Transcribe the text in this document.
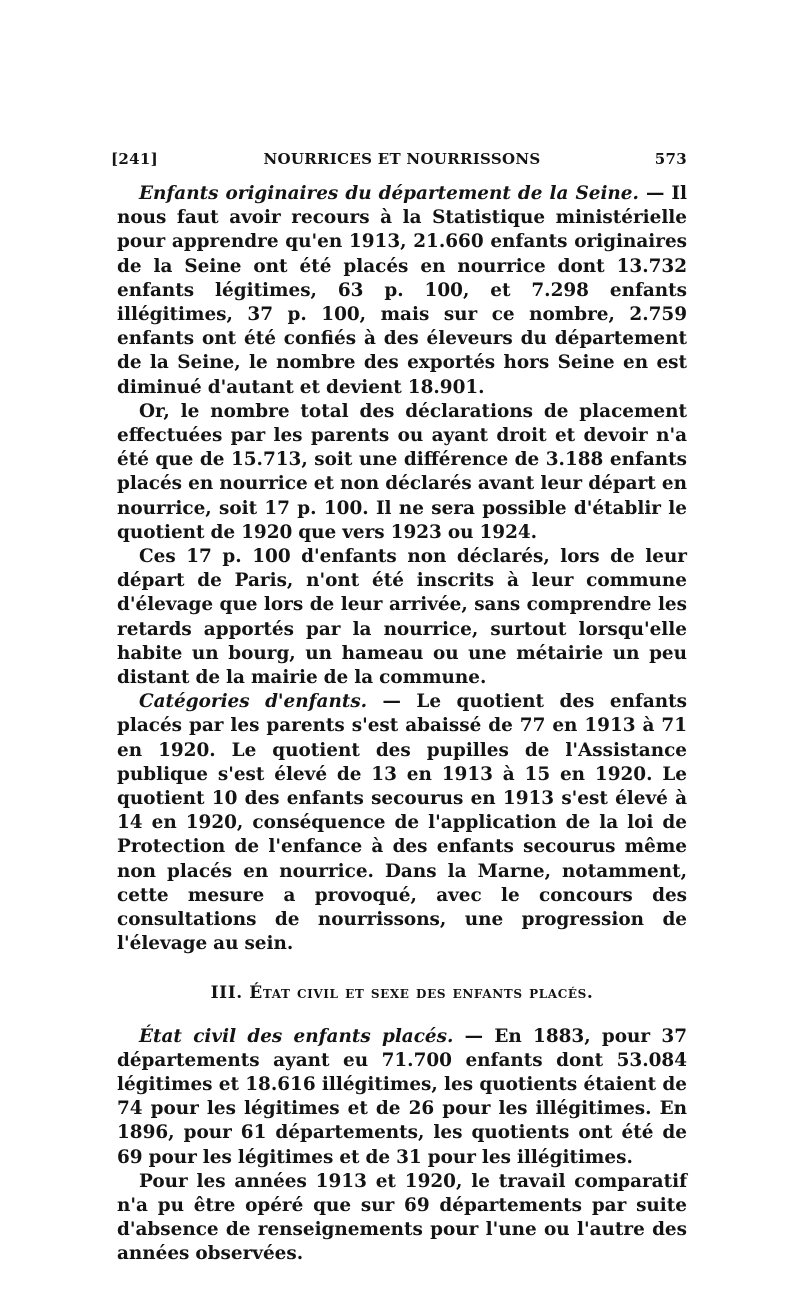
[241]	NOURRICES ET NOURRISSONS	573

Enfants originaires du département de la Seine. — Il nous faut avoir recours à la Statistique ministérielle pour apprendre qu'en 1913, 21.660 enfants originaires de la Seine ont été placés en nourrice dont 13.732 enfants légitimes, 63 p. 100, et 7.298 enfants illégitimes, 37 p. 100, mais sur ce nombre, 2.759 enfants ont été confiés à des éleveurs du département de la Seine, le nombre des exportés hors Seine en est diminué d'autant et devient 18.901.

Or, le nombre total des déclarations de placement effectuées par les parents ou ayant droit et devoir n'a été que de 15.713, soit une différence de 3.188 enfants placés en nourrice et non déclarés avant leur départ en nourrice, soit 17 p. 100. Il ne sera possible d'établir le quotient de 1920 que vers 1923 ou 1924.

Ces 17 p. 100 d'enfants non déclarés, lors de leur départ de Paris, n'ont été inscrits à leur commune d'élevage que lors de leur arrivée, sans comprendre les retards apportés par la nourrice, surtout lorsqu'elle habite un bourg, un hameau ou une métairie un peu distant de la mairie de la commune.

Catégories d'enfants. — Le quotient des enfants placés par les parents s'est abaissé de 77 en 1913 à 71 en 1920. Le quotient des pupilles de l'Assistance publique s'est élevé de 13 en 1913 à 15 en 1920. Le quotient 10 des enfants secourus en 1913 s'est élevé à 14 en 1920, conséquence de l'application de la loi de Protection de l'enfance à des enfants secourus même non placés en nourrice. Dans la Marne, notamment, cette mesure a provoqué, avec le concours des consultations de nourrissons, une progression de l'élevage au sein.

III. État civil et sexe des enfants placés.

État civil des enfants placés. — En 1883, pour 37 départements ayant eu 71.700 enfants dont 53.084 légitimes et 18.616 illégitimes, les quotients étaient de 74 pour les légitimes et de 26 pour les illégitimes. En 1896, pour 61 départements, les quotients ont été de 69 pour les légitimes et de 31 pour les illégitimes.

Pour les années 1913 et 1920, le travail comparatif n'a pu être opéré que sur 69 départements par suite d'absence de renseignements pour l'une ou l'autre des années observées.
